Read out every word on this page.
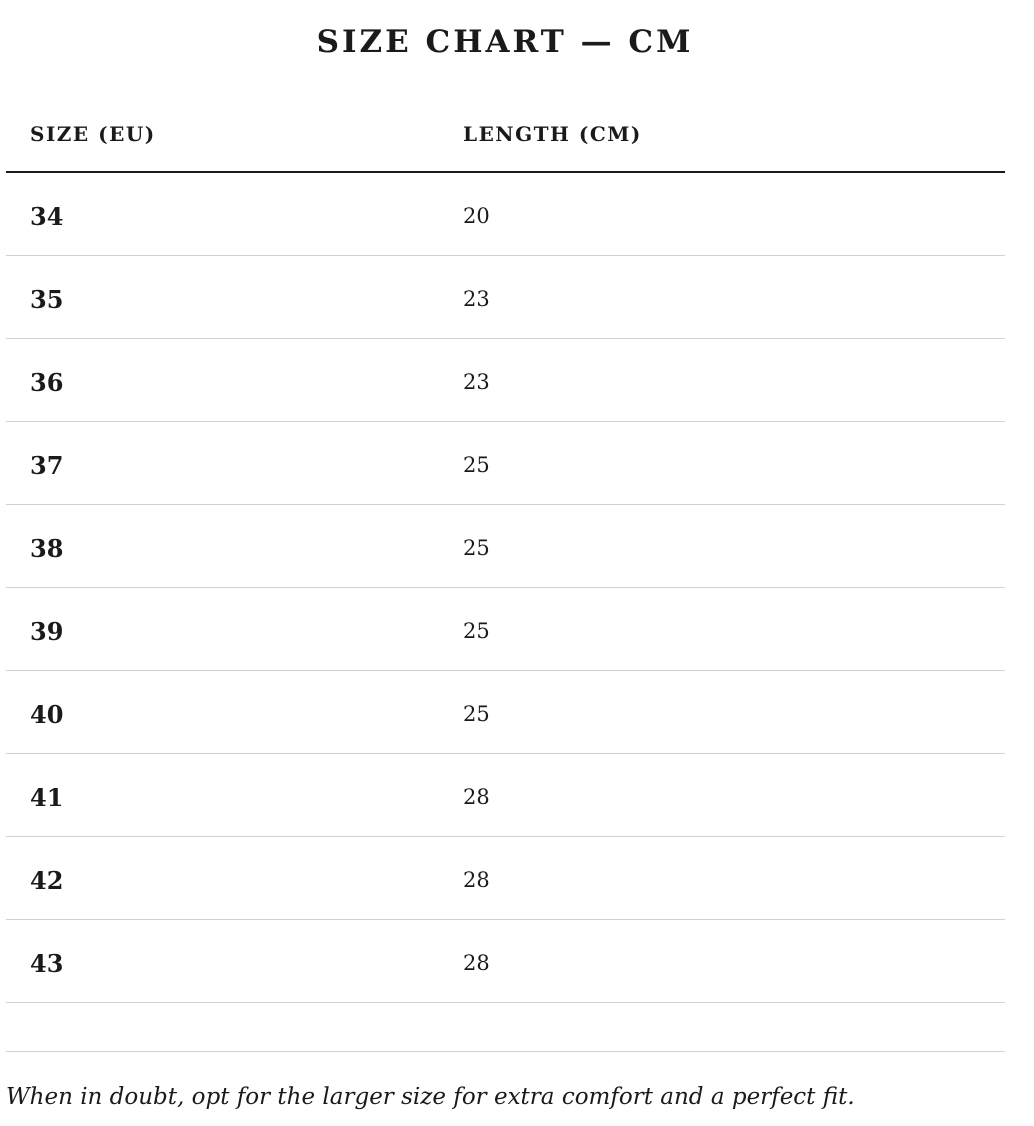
SIZE CHART — CM
SIZE (EU)	LENGTH (CM)
34	20
35	23
36	23
37	25
38	25
39	25
40	25
41	28
42	28
43	28

When in doubt, opt for the larger size for extra comfort and a perfect fit.
